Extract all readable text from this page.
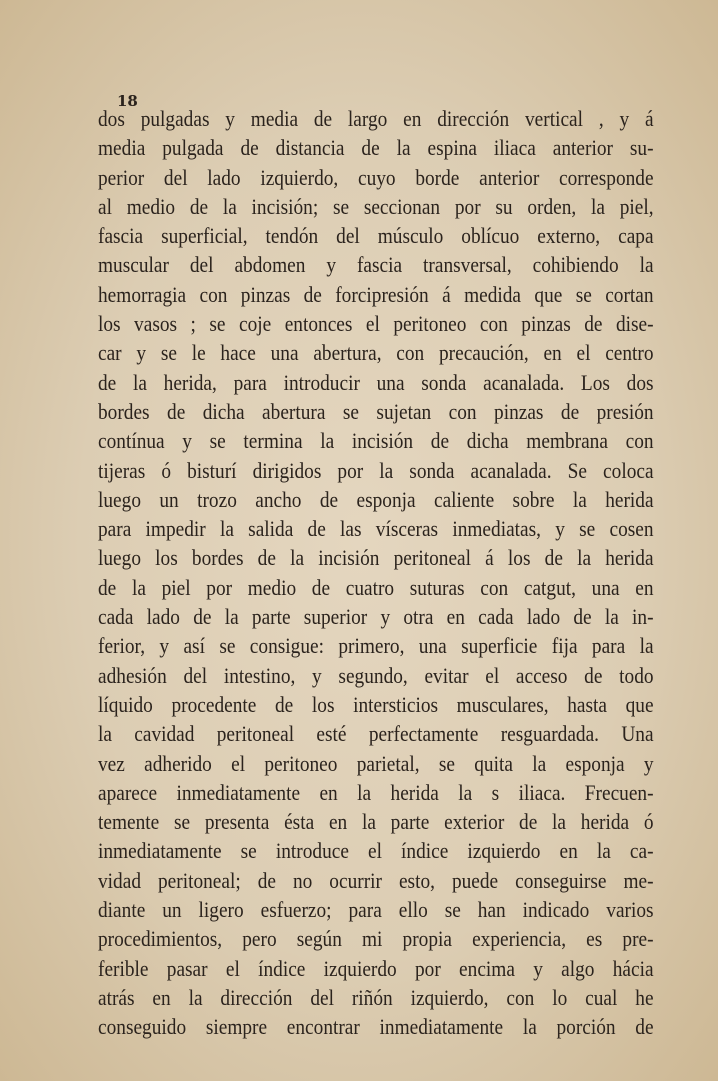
18
dos pulgadas y media de largo en dirección vertical , y á
media pulgada de distancia de la espina iliaca anterior su-
perior del lado izquierdo, cuyo borde anterior corresponde
al medio de la incisión; se seccionan por su orden, la piel,
fascia superficial, tendón del músculo oblícuo externo, capa
muscular del abdomen y fascia transversal, cohibiendo la
hemorragia con pinzas de forcipresión á medida que se cortan
los vasos ; se coje entonces el peritoneo con pinzas de dise-
car y se le hace una abertura, con precaución, en el centro
de la herida, para introducir una sonda acanalada. Los dos
bordes de dicha abertura se sujetan con pinzas de presión
contínua y se termina la incisión de dicha membrana con
tijeras ó bisturí dirigidos por la sonda acanalada. Se coloca
luego un trozo ancho de esponja caliente sobre la herida
para impedir la salida de las vísceras inmediatas, y se cosen
luego los bordes de la incisión peritoneal á los de la herida
de la piel por medio de cuatro suturas con catgut, una en
cada lado de la parte superior y otra en cada lado de la in-
ferior, y así se consigue: primero, una superficie fija para la
adhesión del intestino, y segundo, evitar el acceso de todo
líquido procedente de los intersticios musculares, hasta que
la cavidad peritoneal esté perfectamente resguardada. Una
vez adherido el peritoneo parietal, se quita la esponja y
aparece inmediatamente en la herida la s iliaca. Frecuen-
temente se presenta ésta en la parte exterior de la herida ó
inmediatamente se introduce el índice izquierdo en la ca-
vidad peritoneal; de no ocurrir esto, puede conseguirse me-
diante un ligero esfuerzo; para ello se han indicado varios
procedimientos, pero según mi propia experiencia, es pre-
ferible pasar el índice izquierdo por encima y algo hácia
atrás en la dirección del riñón izquierdo, con lo cual he
conseguido siempre encontrar inmediatamente la porción de
